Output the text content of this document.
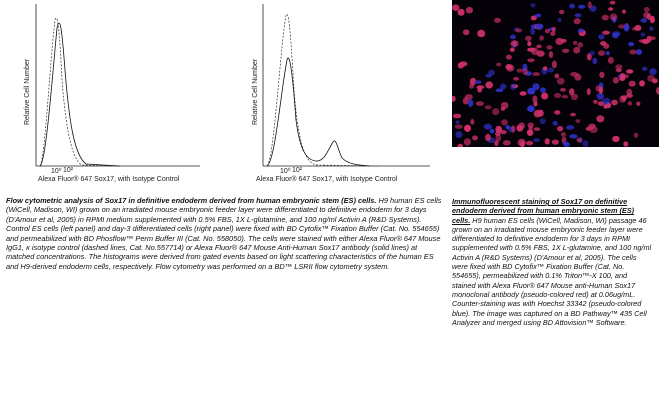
Relative Cell Number
10⁰ 10²
Alexa Fluor® 647 Sox17, with Isotype Control
Relative Cell Number
10⁰ 10²
Alexa Fluor® 647 Sox17, with Isotype Control
Flow cytometric analysis of Sox17 in definitive endoderm derived from human embryonic stem (ES) cells. H9 human ES cells (WiCell, Madison, WI) grown on an irradiated mouse embryonic feeder layer were differentiated to definitive endoderm for 3 days (D'Amour et al, 2005) in RPMI medium supplemented with 0.5% FBS, 1X L-glutamine, and 100 ng/ml Activin A (R&D Systems). Control ES cells (left panel) and day-3 differentiated cells (right panel) were fixed with BD Cytofix™ Fixation Buffer (Cat. No. 554655) and permeabilized with BD Phosflow™ Perm Buffer III (Cat. No. 558050). The cells were stained with either Alexa Fluor® 647 Mouse IgG1, κ isotype control (dashed lines, Cat. No.557714) or Alexa Fluor® 647 Mouse Anti-Human Sox17 antibody (solid lines) at matched concentrations. The histograms were derived from gated events based on light scattering characteristics of the human ES and H9-derived endoderm cells, respectively. Flow cytometry was performed on a BD™ LSRII flow cytometry system.
Immunofluorescent staining of Sox17 on definitive endoderm derived from human embryonic stem (ES) cells. H9 human ES cells (WiCell, Madison, WI) passage 46 grown on an irradiated mouse embryonic feeder layer were differentiated to definitive endoderm for 3 days in RPMI supplemented with 0.5% FBS, 1X L-glutamine, and 100 ng/ml Activin A (R&D Systems) (D'Amour et al, 2005). The cells were fixed with BD Cytofix™ Fixation Buffer (Cat. No. 554655), permeabilized with 0.1% Triton™-X 100, and stained with Alexa Fluor® 647 Mouse anti-Human Sox17 monoclonal antibody (pseudo-colored red) at 0.06ug/mL. Counter-staining was with Hoechst 33342 (pseudo-colored blue). The image was captured on a BD Pathway™ 435 Cell Analyzer and merged using BD Attovision™ Software.
